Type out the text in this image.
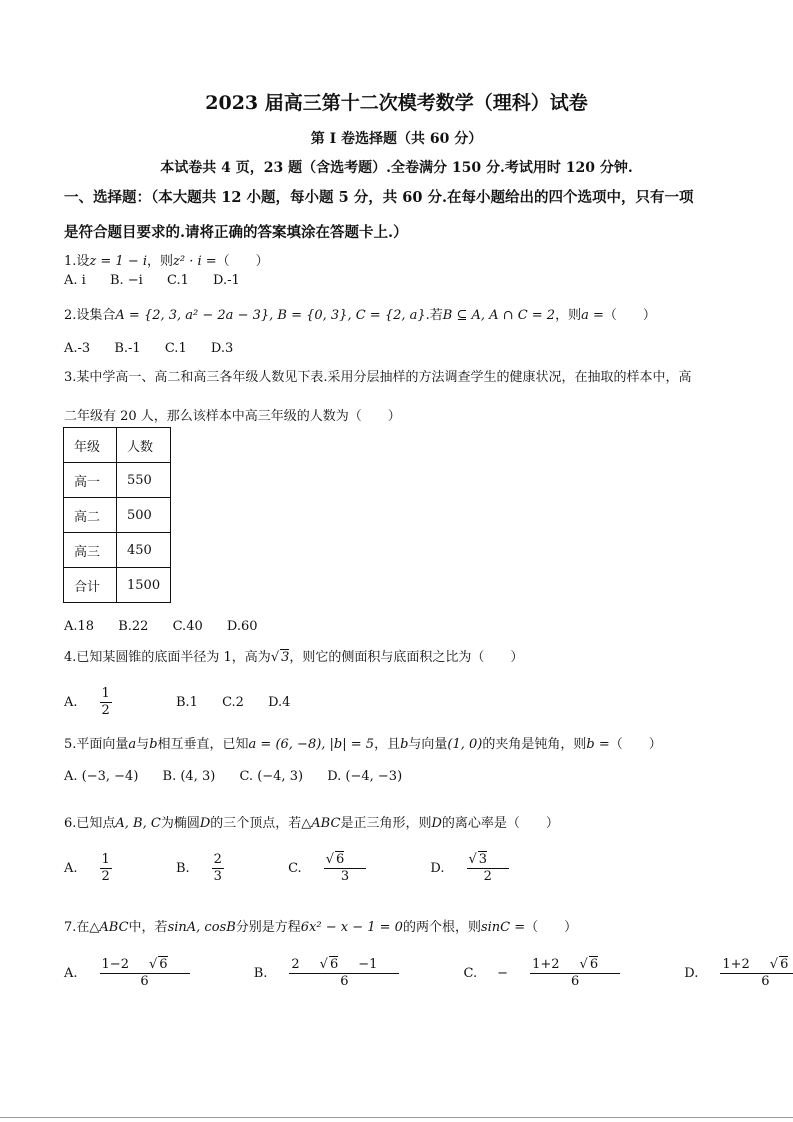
2023 届高三第十二次模考数学（理科）试卷
第 I 卷选择题（共 60 分）
本试卷共 4 页，23 题（含选考题）.全卷满分 150 分.考试用时 120 分钟.
一、选择题：（本大题共 12 小题，每小题 5 分，共 60 分.在每小题给出的四个选项中，只有一项
是符合题目要求的.请将正确的答案填涂在答题卡上.）
1.设z = 1 − i，则z² · i =（　　）
A. i B. −i C.1 D.-1
2.设集合A = {2, 3, a² − 2a − 3}, B = {0, 3}, C = {2, a}.若B ⊆ A, A ∩ C = 2，则a =（　　）
A.-3 B.-1 C.1 D.3
3.某中学高一、高二和高三各年级人数见下表.采用分层抽样的方法调查学生的健康状况，在抽取的样本中，高
二年级有 20 人，那么该样本中高三年级的人数为（　　）
年级	人数
高一	550
高二	500
高三	450
合计	1500
A.18 B.22 C.40 D.60
4.已知某圆锥的底面半径为 1，高为√ 3，则它的侧面积与底面积之比为（　　）
A. $\frac{1}{2}$	B.1 C.2 D.4
5.平面向量a与b相互垂直，已知a = (6, −8), |b| = 5，且b与向量(1, 0)的夹角是钝角，则b =（　　）
A. (−3, −4) B. (4, 3) C. (−4, 3) D. (−4, −3)
6.已知点A, B, C为椭圆D的三个顶点，若△ABC是正三角形，则D的离心率是（　　）
A. $\frac{1}{2}$	B. $\frac{2}{3}$	C. $\frac{√ 6}{3}$	D. $\frac{√ 3}{2}$
7.在△ABC中，若sinA, cosB分别是方程6x² − x − 1 = 0的两个根，则sinC =（　　）
A. $\frac{1-2 √ 6}{6}$	B. $\frac{2 √ 6 -1}{6}$	C. − $\frac{1+2 √ 6}{6}$	D. $\frac{1+2 √ 6}{6}$
